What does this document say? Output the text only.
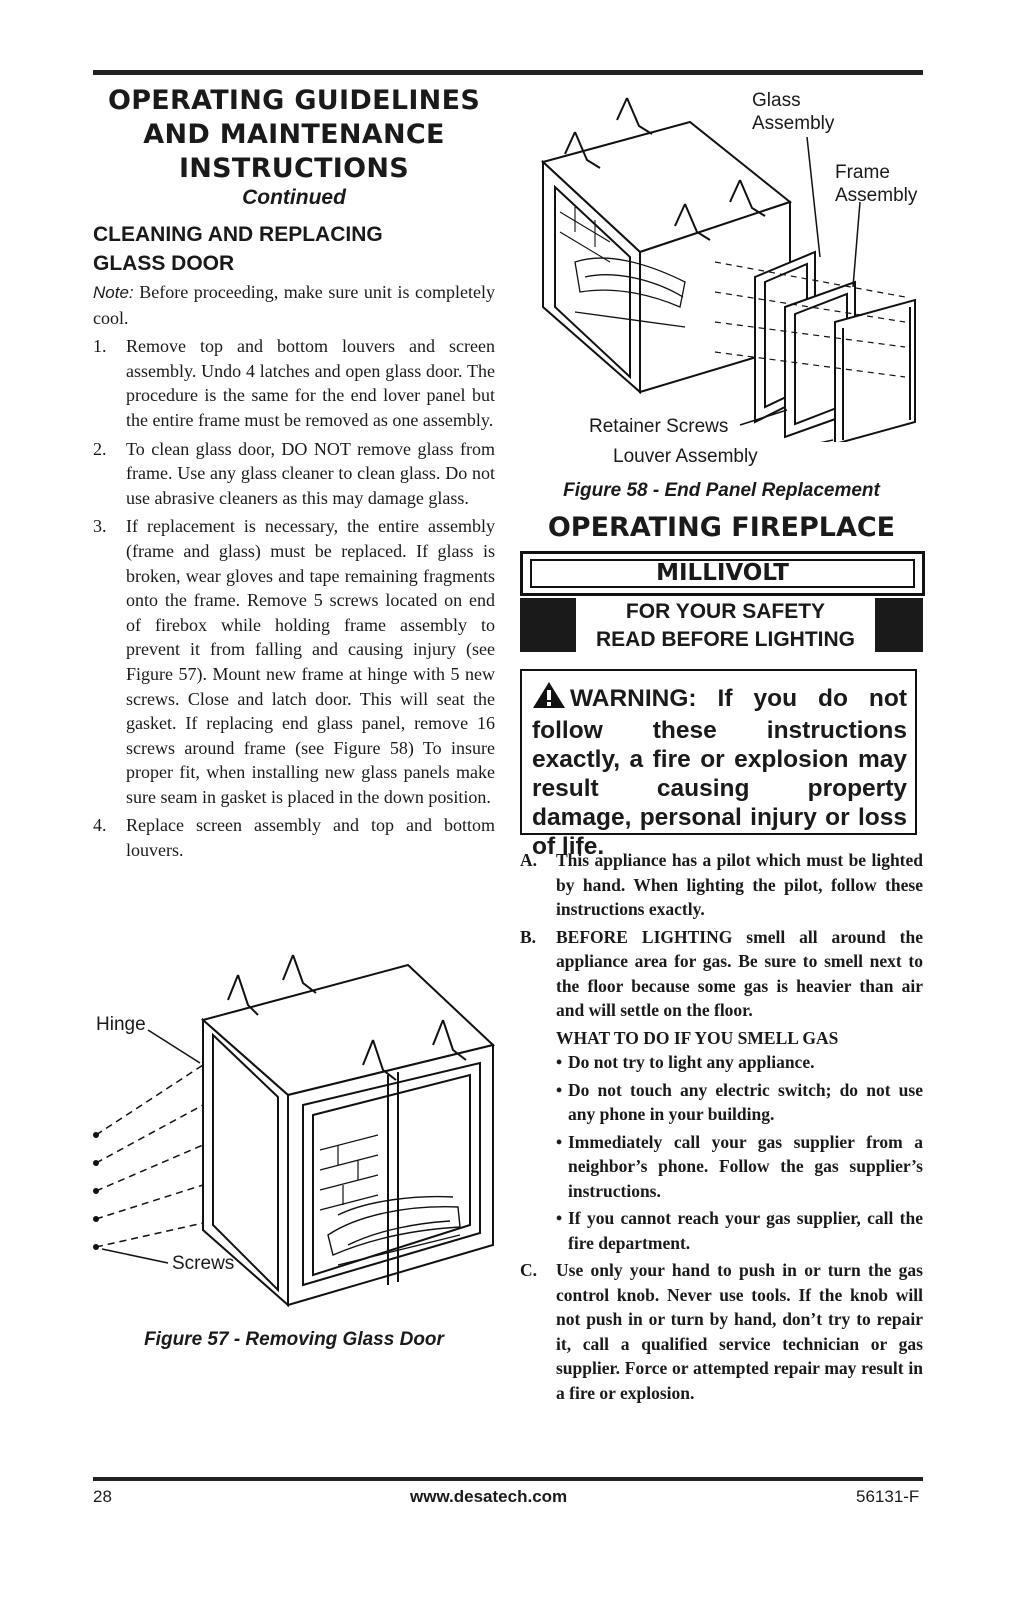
OPERATING GUIDELINES
AND MAINTENANCE
INSTRUCTIONS

Continued

CLEANING AND REPLACING
GLASS DOOR
Note: Before proceeding, make sure unit is completely cool.
1. Remove top and bottom louvers and screen assembly. Undo 4 latches and open glass door. The procedure is the same for the end lover panel but the entire frame must be removed as one assembly.
2. To clean glass door, DO NOT remove glass from frame. Use any glass cleaner to clean glass. Do not use abrasive cleaners as this may damage glass.
3. If replacement is necessary, the entire assembly (frame and glass) must be replaced. If glass is broken, wear gloves and tape remaining fragments onto the frame. Remove 5 screws located on end of firebox while holding frame assembly to prevent it from falling and causing injury (see Figure 57). Mount new frame at hinge with 5 new screws. Close and latch door. This will seat the gasket. If replacing end glass panel, remove 16 screws around frame (see Figure 58) To insure proper fit, when installing new glass panels make sure seam in gasket is placed in the down position.
4. Replace screen assembly and top and bottom louvers.
Hinge
Screws
Figure 57 - Removing Glass Door
Glass
Assembly
Frame
Assembly
Retainer Screws
Louver Assembly
Figure 58 - End Panel Replacement
OPERATING FIREPLACE
MILLIVOLT
FOR YOUR SAFETY
READ BEFORE LIGHTING
WARNING: If you do not follow these instructions exactly, a fire or explosion may result causing property damage, personal injury or loss of life.
A. This appliance has a pilot which must be lighted by hand. When lighting the pilot, follow these instructions exactly.
B. BEFORE LIGHTING smell all around the appliance area for gas. Be sure to smell next to the floor because some gas is heavier than air and will settle on the floor.
WHAT TO DO IF YOU SMELL GAS
• Do not try to light any appliance.
• Do not touch any electric switch; do not use any phone in your building.
• Immediately call your gas supplier from a neighbor’s phone. Follow the gas supplier’s instructions.
• If you cannot reach your gas supplier, call the fire department.
C. Use only your hand to push in or turn the gas control knob. Never use tools. If the knob will not push in or turn by hand, don’t try to repair it, call a qualified service technician or gas supplier. Force or attempted repair may result in a fire or explosion.
28	www.desatech.com	56131-F
